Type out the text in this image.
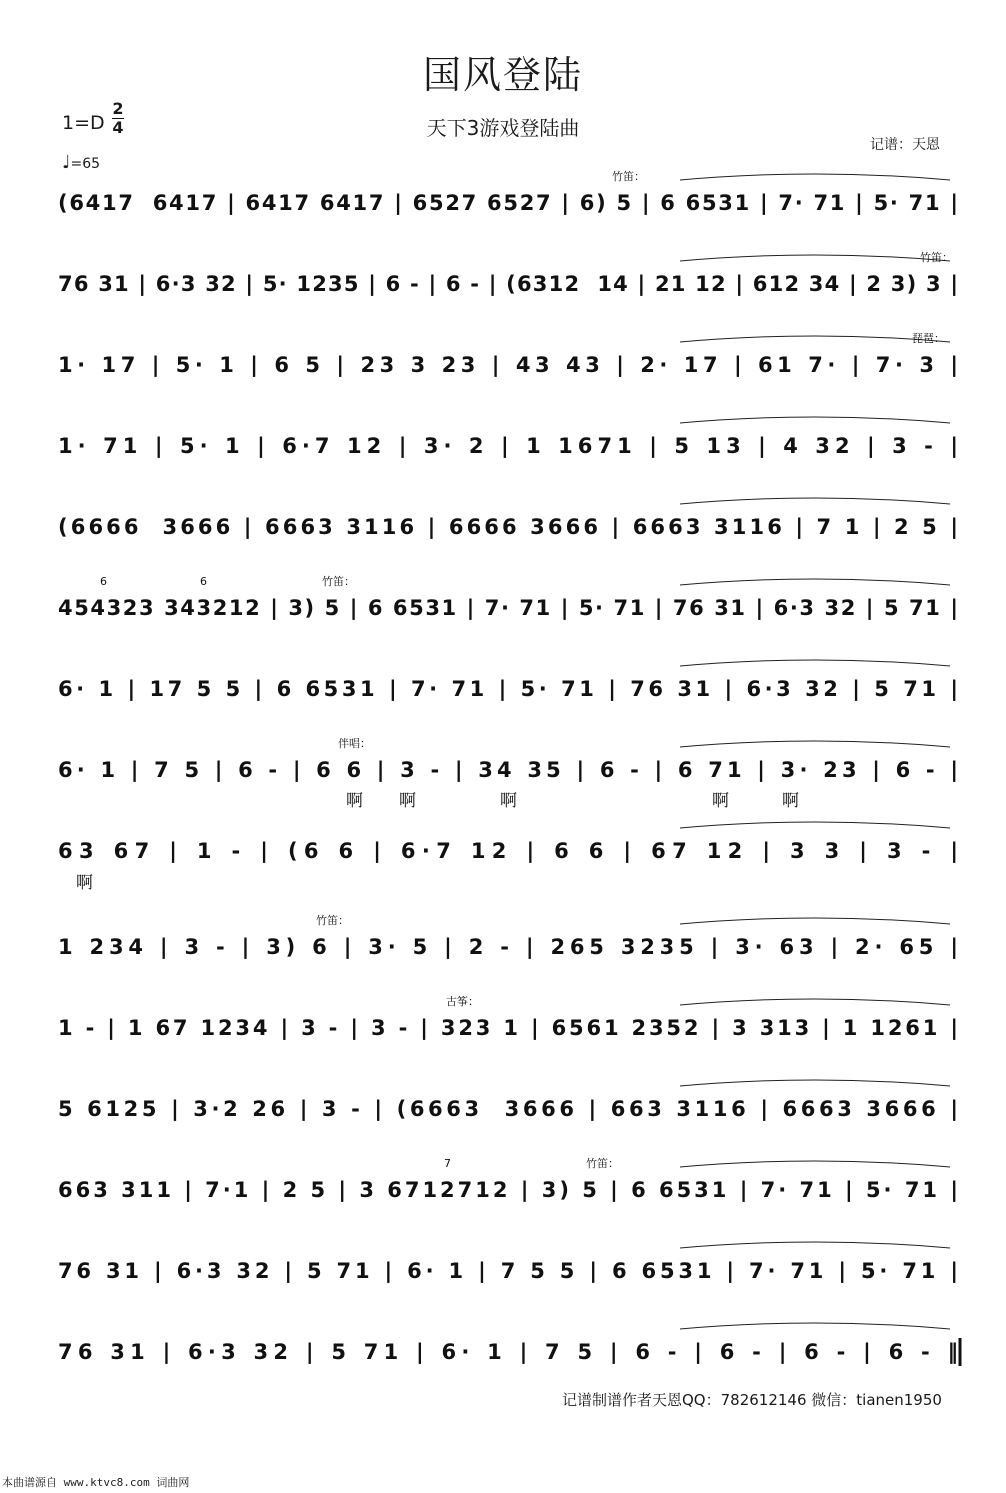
国风登陆
天下3游戏登陆曲
1=D
2
4
♩=65
记谱：天恩
(6417  6417 | 6417 6417 | 6527 6527 | 6) 5 | 6 6531 | 7· 71 | 5· 71 |
竹笛：
76 31 | 6·3 32 | 5· 1235 | 6 - | 6 - | (6312  14 | 21 12 | 612 34 | 2 3) 3 |
竹笛：
1· 17 | 5· 1 | 6 5 | 23 3 23 | 43 43 | 2· 17 | 61 7· | 7· 3 |
琵琶：
1· 71 | 5· 1 | 6·7 12 | 3· 2 | 1 1671 | 5 13 | 4 32 | 3 - |
(6666  3666 | 6663 3116 | 6666 3666 | 6663 3116 | 7 1 | 2 5 |
454323 343212 | 3) 5 | 6 6531 | 7· 71 | 5· 71 | 76 31 | 6·3 32 | 5 71 |
竹笛：
6	6
6· 1 | 17 5 5 | 6 6531 | 7· 71 | 5· 71 | 76 31 | 6·3 32 | 5 71 |
6· 1 | 7 5 | 6 - | 6 6 | 3 - | 34 35 | 6 - | 6 71 | 3· 23 | 6 - |
伴唱：
63 67 | 1 - | (6 6 | 6·7 12 | 6 6 | 67 12 | 3 3 | 3 - |
1 234 | 3 - | 3) 6 | 3· 5 | 2 - | 265 3235 | 3· 63 | 2· 65 |
竹笛：
1 - | 1 67 1234 | 3 - | 3 - | 323 1 | 6561 2352 | 3 313 | 1 1261 |
古筝：
5 6125 | 3·2 26 | 3 - | (6663  3666 | 663 3116 | 6663 3666 |
663 311 | 7·1 | 2 5 | 3 6712712 | 3) 5 | 6 6531 | 7· 71 | 5· 71 |
竹笛：
7
76 31 | 6·3 32 | 5 71 | 6· 1 | 7 5 5 | 6 6531 | 7· 71 | 5· 71 |
76 31 | 6·3 32 | 5 71 | 6· 1 | 7 5 | 6 - | 6 - | 6 - | 6 - ‖
啊 啊	啊	啊	啊
啊
记谱制谱作者天恩QQ：782612146 微信：tianen1950
本曲谱源自 www.ktvc8.com 词曲网
